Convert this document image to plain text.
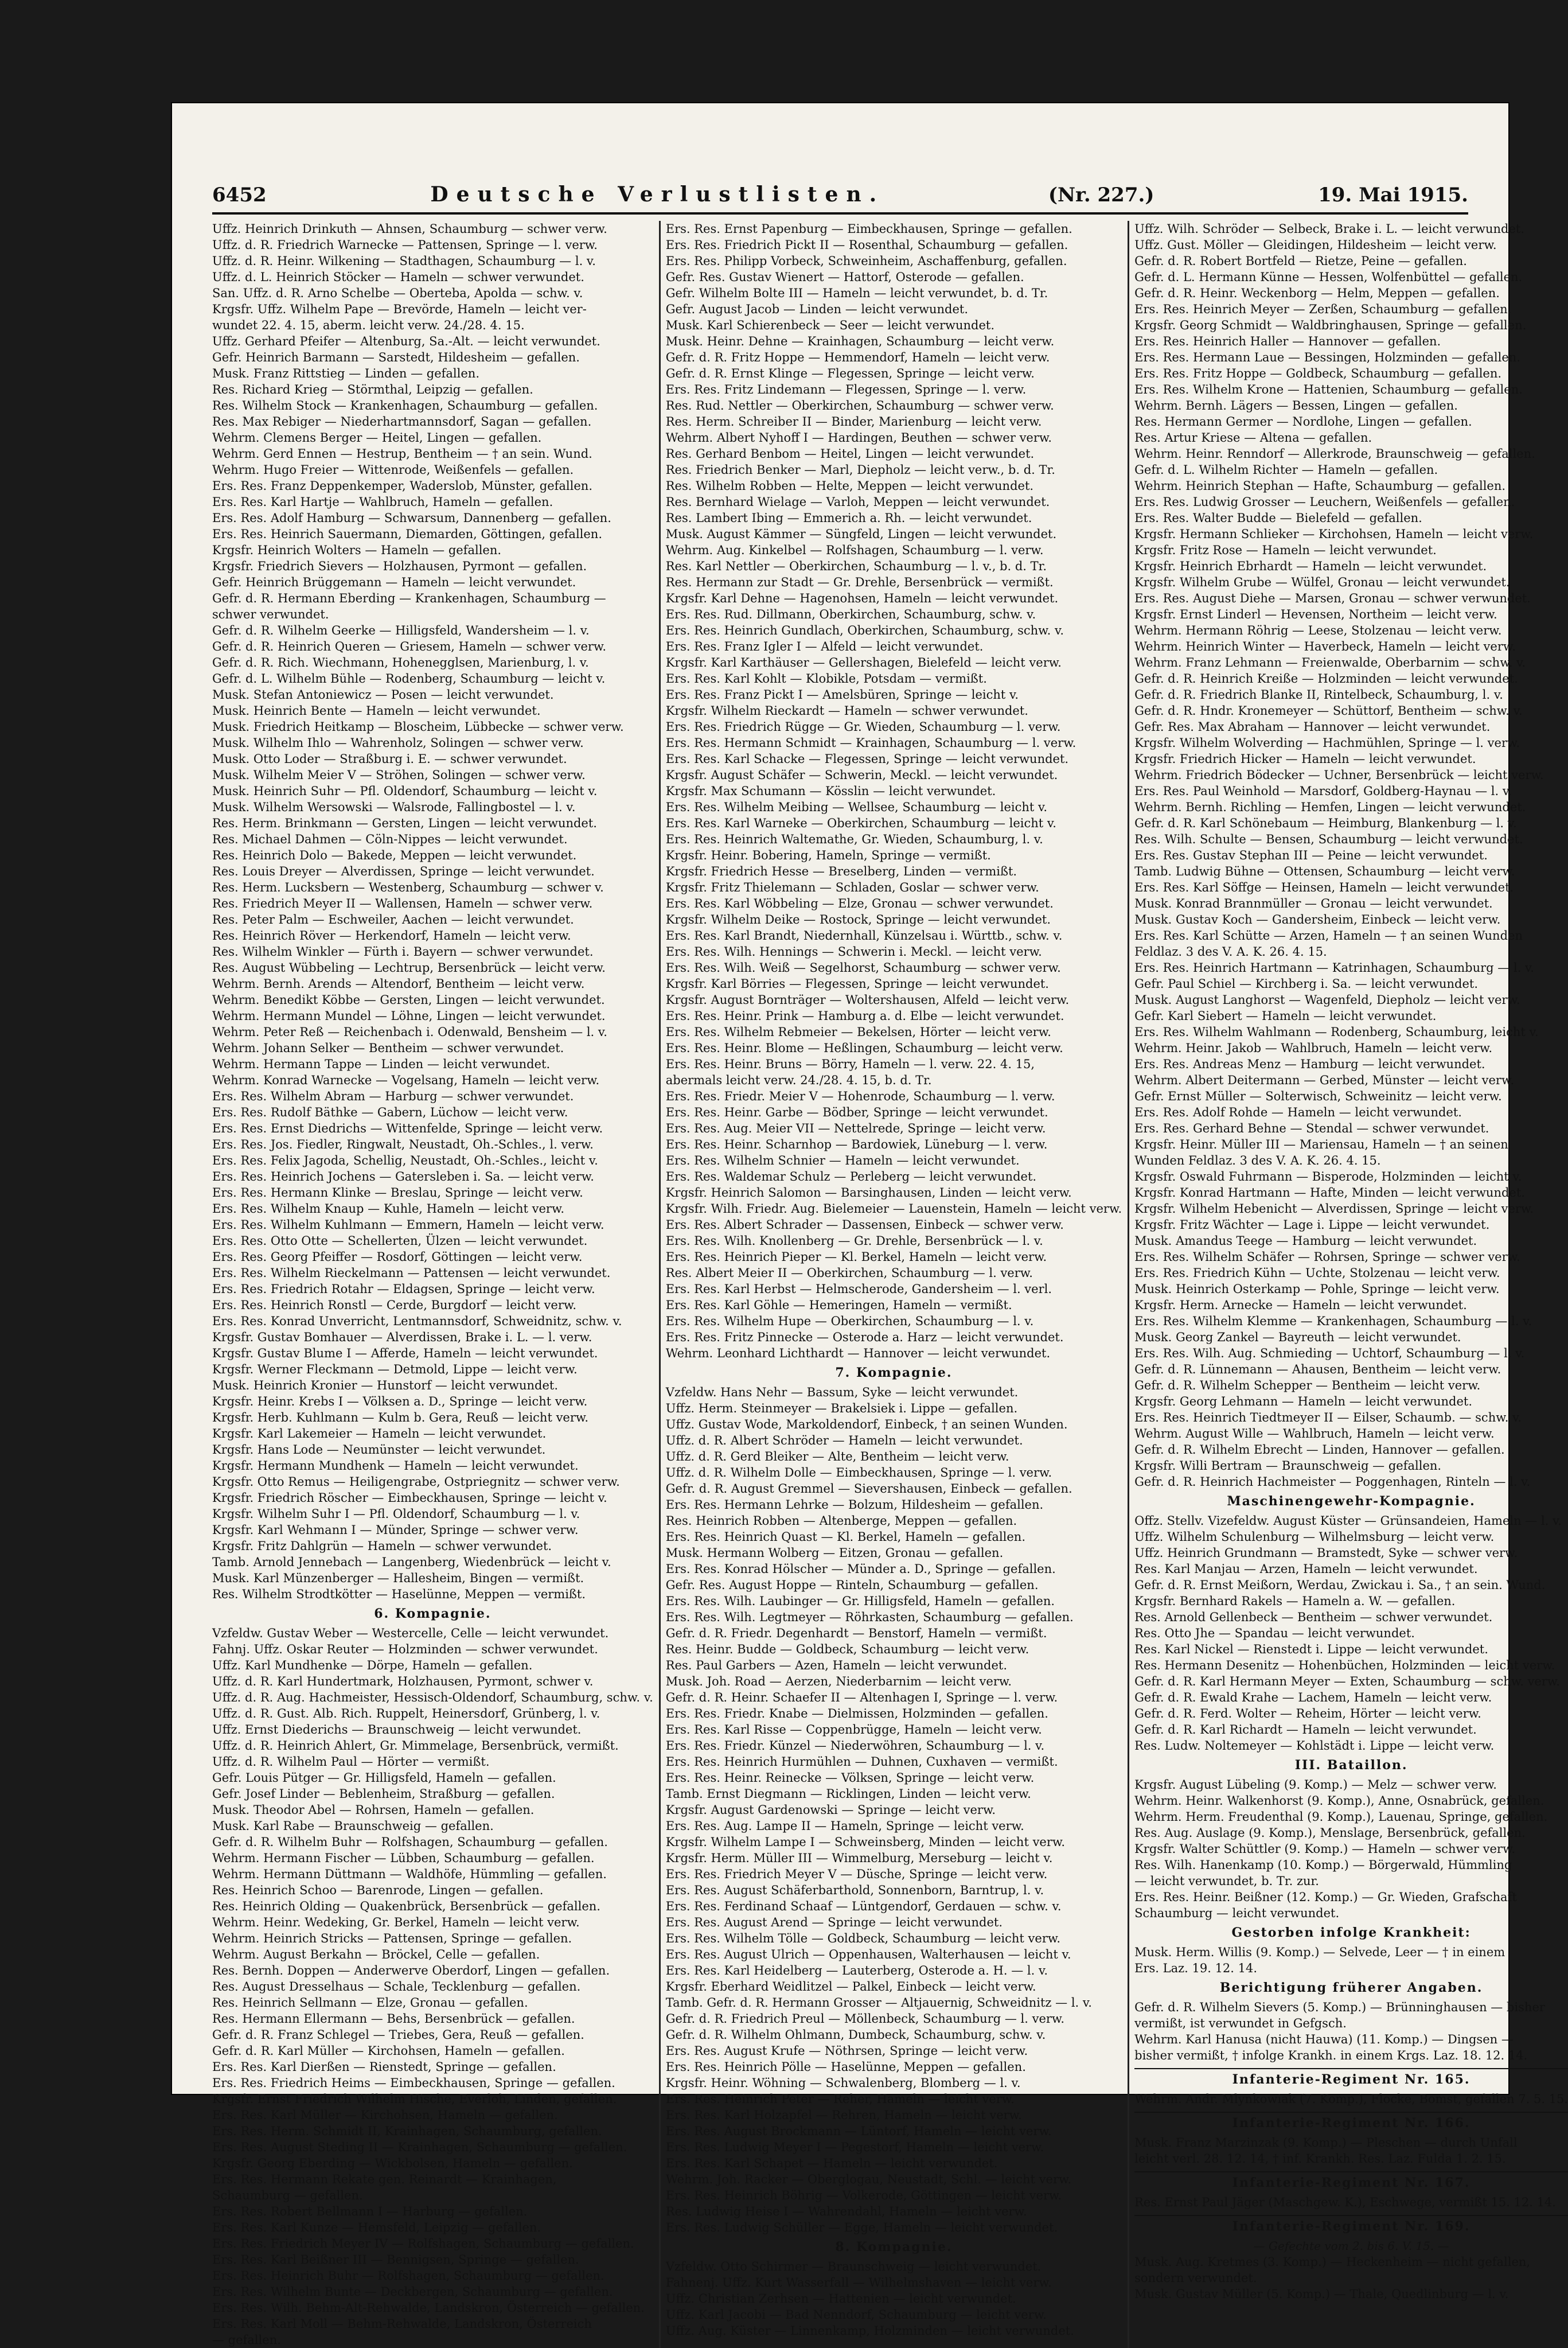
6452	Deutsche Verlustlisten.	(Nr. 227.)	19. Mai 1915.
Uffz. Heinrich Drinkuth — Ahnsen, Schaumburg — schwer verw.
Uffz. d. R. Friedrich Warnecke — Pattensen, Springe — l. verw.
Uffz. d. R. Heinr. Wilkening — Stadthagen, Schaumburg — l. v.
Uffz. d. L. Heinrich Stöcker — Hameln — schwer verwundet.
San. Uffz. d. R. Arno Schelbe — Oberteba, Apolda — schw. v.
Krgsfr. Uffz. Wilhelm Pape — Brevörde, Hameln — leicht ver-
wundet 22. 4. 15, aberm. leicht verw. 24./28. 4. 15.
Uffz. Gerhard Pfeifer — Altenburg, Sa.-Alt. — leicht verwundet.
Gefr. Heinrich Barmann — Sarstedt, Hildesheim — gefallen.
Musk. Franz Rittstieg — Linden — gefallen.
Res. Richard Krieg — Störmthal, Leipzig — gefallen.
Res. Wilhelm Stock — Krankenhagen, Schaumburg — gefallen.
Res. Max Rebiger — Niederhartmannsdorf, Sagan — gefallen.
Wehrm. Clemens Berger — Heitel, Lingen — gefallen.
Wehrm. Gerd Ennen — Hestrup, Bentheim — † an sein. Wund.
Wehrm. Hugo Freier — Wittenrode, Weißenfels — gefallen.
Ers. Res. Franz Deppenkemper, Waderslob, Münster, gefallen.
Ers. Res. Karl Hartje — Wahlbruch, Hameln — gefallen.
Ers. Res. Adolf Hamburg — Schwarsum, Dannenberg — gefallen.
Ers. Res. Heinrich Sauermann, Diemarden, Göttingen, gefallen.
Krgsfr. Heinrich Wolters — Hameln — gefallen.
Krgsfr. Friedrich Sievers — Holzhausen, Pyrmont — gefallen.
Gefr. Heinrich Brüggemann — Hameln — leicht verwundet.
Gefr. d. R. Hermann Eberding — Krankenhagen, Schaumburg —
schwer verwundet.
Gefr. d. R. Wilhelm Geerke — Hilligsfeld, Wandersheim — l. v.
Gefr. d. R. Heinrich Queren — Griesem, Hameln — schwer verw.
Gefr. d. R. Rich. Wiechmann, Hohenegglsen, Marienburg, l. v.
Gefr. d. L. Wilhelm Bühle — Rodenberg, Schaumburg — leicht v.
Musk. Stefan Antoniewicz — Posen — leicht verwundet.
Musk. Heinrich Bente — Hameln — leicht verwundet.
Musk. Friedrich Heitkamp — Bloscheim, Lübbecke — schwer verw.
Musk. Wilhelm Ihlo — Wahrenholz, Solingen — schwer verw.
Musk. Otto Loder — Straßburg i. E. — schwer verwundet.
Musk. Wilhelm Meier V — Ströhen, Solingen — schwer verw.
Musk. Heinrich Suhr — Pfl. Oldendorf, Schaumburg — leicht v.
Musk. Wilhelm Wersowski — Walsrode, Fallingbostel — l. v.
Res. Herm. Brinkmann — Gersten, Lingen — leicht verwundet.
Res. Michael Dahmen — Cöln-Nippes — leicht verwundet.
Res. Heinrich Dolo — Bakede, Meppen — leicht verwundet.
Res. Louis Dreyer — Alverdissen, Springe — leicht verwundet.
Res. Herm. Lucksbern — Westenberg, Schaumburg — schwer v.
Res. Friedrich Meyer II — Wallensen, Hameln — schwer verw.
Res. Peter Palm — Eschweiler, Aachen — leicht verwundet.
Res. Heinrich Röver — Herkendorf, Hameln — leicht verw.
Res. Wilhelm Winkler — Fürth i. Bayern — schwer verwundet.
Res. August Wübbeling — Lechtrup, Bersenbrück — leicht verw.
Wehrm. Bernh. Arends — Altendorf, Bentheim — leicht verw.
Wehrm. Benedikt Köbbe — Gersten, Lingen — leicht verwundet.
Wehrm. Hermann Mundel — Löhne, Lingen — leicht verwundet.
Wehrm. Peter Reß — Reichenbach i. Odenwald, Bensheim — l. v.
Wehrm. Johann Selker — Bentheim — schwer verwundet.
Wehrm. Hermann Tappe — Linden — leicht verwundet.
Wehrm. Konrad Warnecke — Vogelsang, Hameln — leicht verw.
Ers. Res. Wilhelm Abram — Harburg — schwer verwundet.
Ers. Res. Rudolf Bäthke — Gabern, Lüchow — leicht verw.
Ers. Res. Ernst Diedrichs — Wittenfelde, Springe — leicht verw.
Ers. Res. Jos. Fiedler, Ringwalt, Neustadt, Oh.-Schles., l. verw.
Ers. Res. Felix Jagoda, Schellig, Neustadt, Oh.-Schles., leicht v.
Ers. Res. Heinrich Jochens — Gatersleben i. Sa. — leicht verw.
Ers. Res. Hermann Klinke — Breslau, Springe — leicht verw.
Ers. Res. Wilhelm Knaup — Kuhle, Hameln — leicht verw.
Ers. Res. Wilhelm Kuhlmann — Emmern, Hameln — leicht verw.
Ers. Res. Otto Otte — Schellerten, Ülzen — leicht verwundet.
Ers. Res. Georg Pfeiffer — Rosdorf, Göttingen — leicht verw.
Ers. Res. Wilhelm Rieckelmann — Pattensen — leicht verwundet.
Ers. Res. Friedrich Rotahr — Eldagsen, Springe — leicht verw.
Ers. Res. Heinrich Ronstl — Cerde, Burgdorf — leicht verw.
Ers. Res. Konrad Unverricht, Lentmannsdorf, Schweidnitz, schw. v.
Krgsfr. Gustav Bomhauer — Alverdissen, Brake i. L. — l. verw.
Krgsfr. Gustav Blume I — Afferde, Hameln — leicht verwundet.
Krgsfr. Werner Fleckmann — Detmold, Lippe — leicht verw.
Musk. Heinrich Kronier — Hunstorf — leicht verwundet.
Krgsfr. Heinr. Krebs I — Völksen a. D., Springe — leicht verw.
Krgsfr. Herb. Kuhlmann — Kulm b. Gera, Reuß — leicht verw.
Krgsfr. Karl Lakemeier — Hameln — leicht verwundet.
Krgsfr. Hans Lode — Neumünster — leicht verwundet.
Krgsfr. Hermann Mundhenk — Hameln — leicht verwundet.
Krgsfr. Otto Remus — Heiligengrabe, Ostpriegnitz — schwer verw.
Krgsfr. Friedrich Röscher — Eimbeckhausen, Springe — leicht v.
Krgsfr. Wilhelm Suhr I — Pfl. Oldendorf, Schaumburg — l. v.
Krgsfr. Karl Wehmann I — Münder, Springe — schwer verw.
Krgsfr. Fritz Dahlgrün — Hameln — schwer verwundet.
Tamb. Arnold Jennebach — Langenberg, Wiedenbrück — leicht v.
Musk. Karl Münzenberger — Hallesheim, Bingen — vermißt.
Res. Wilhelm Strodtkötter — Haselünne, Meppen — vermißt.
6. Kompagnie.
Vzfeldw. Gustav Weber — Westercelle, Celle — leicht verwundet.
Fahnj. Uffz. Oskar Reuter — Holzminden — schwer verwundet.
Uffz. Karl Mundhenke — Dörpe, Hameln — gefallen.
Uffz. d. R. Karl Hundertmark, Holzhausen, Pyrmont, schwer v.
Uffz. d. R. Aug. Hachmeister, Hessisch-Oldendorf, Schaumburg, schw. v.
Uffz. d. R. Gust. Alb. Rich. Ruppelt, Heinersdorf, Grünberg, l. v.
Uffz. Ernst Diederichs — Braunschweig — leicht verwundet.
Uffz. d. R. Heinrich Ahlert, Gr. Mimmelage, Bersenbrück, vermißt.
Uffz. d. R. Wilhelm Paul — Hörter — vermißt.
Gefr. Louis Pütger — Gr. Hilligsfeld, Hameln — gefallen.
Gefr. Josef Linder — Beblenheim, Straßburg — gefallen.
Musk. Theodor Abel — Rohrsen, Hameln — gefallen.
Musk. Karl Rabe — Braunschweig — gefallen.
Gefr. d. R. Wilhelm Buhr — Rolfshagen, Schaumburg — gefallen.
Wehrm. Hermann Fischer — Lübben, Schaumburg — gefallen.
Wehrm. Hermann Düttmann — Waldhöfe, Hümmling — gefallen.
Res. Heinrich Schoo — Barenrode, Lingen — gefallen.
Res. Heinrich Olding — Quakenbrück, Bersenbrück — gefallen.
Wehrm. Heinr. Wedeking, Gr. Berkel, Hameln — leicht verw.
Wehrm. Heinrich Stricks — Pattensen, Springe — gefallen.
Wehrm. August Berkahn — Bröckel, Celle — gefallen.
Res. Bernh. Doppen — Anderwerve Oberdorf, Lingen — gefallen.
Res. August Dresselhaus — Schale, Tecklenburg — gefallen.
Res. Heinrich Sellmann — Elze, Gronau — gefallen.
Res. Hermann Ellermann — Behs, Bersenbrück — gefallen.
Gefr. d. R. Franz Schlegel — Triebes, Gera, Reuß — gefallen.
Gefr. d. R. Karl Müller — Kirchohsen, Hameln — gefallen.
Ers. Res. Karl Dierßen — Rienstedt, Springe — gefallen.
Ers. Res. Friedrich Heims — Eimbeckhausen, Springe — gefallen.
Krgsfr. Ernst Friedrich Wilhelm Hische, Everloh, Linden, gefallen.
Ers. Res. Karl Müller — Kirchohsen, Hameln — gefallen.
Ers. Res. Herm. Schmidt II, Krainhagen, Schaumburg, gefallen.
Ers. Res. August Steding II — Krainhagen, Schaumburg — gefallen.
Krgsfr. Georg Eberding — Wickbolsen, Hameln — gefallen.
Ers. Res. Hermann Rekate gen. Reinardt — Krainhagen,
Schaumburg — gefallen.
Ers. Res. Robert Bellmann I — Harburg — gefallen.
Ers. Res. Karl Kunze — Hemsfeld, Leipzig — gefallen.
Ers. Res. Friedrich Meyer IV — Rolfshagen, Schaumburg — gefallen.
Ers. Res. Karl Beißner III — Bennigsen, Springe — gefallen.
Ers. Res. Heinrich Buhr — Rolfshagen, Schaumburg — gefallen.
Ers. Res. Wilhelm Bunte — Deckbergen, Schaumburg — gefallen.
Ers. Res. Wilh. Behm-Alt-Rehwalde, Landskron, Österreich — gefallen.
Ers. Res. Karl Moll — Behm-Rehwalde, Landskron, Österreich
— gefallen.
Ers. Res. Ernst Papenburg — Eimbeckhausen, Springe — gefallen.
Ers. Res. Friedrich Pickt II — Rosenthal, Schaumburg — gefallen.
Ers. Res. Philipp Vorbeck, Schweinheim, Aschaffenburg, gefallen.
Gefr. Res. Gustav Wienert — Hattorf, Osterode — gefallen.
Gefr. Wilhelm Bolte III — Hameln — leicht verwundet, b. d. Tr.
Gefr. August Jacob — Linden — leicht verwundet.
Musk. Karl Schierenbeck — Seer — leicht verwundet.
Musk. Heinr. Dehne — Krainhagen, Schaumburg — leicht verw.
Gefr. d. R. Fritz Hoppe — Hemmendorf, Hameln — leicht verw.
Gefr. d. R. Ernst Klinge — Flegessen, Springe — leicht verw.
Ers. Res. Fritz Lindemann — Flegessen, Springe — l. verw.
Res. Rud. Nettler — Oberkirchen, Schaumburg — schwer verw.
Res. Herm. Schreiber II — Binder, Marienburg — leicht verw.
Wehrm. Albert Nyhoff I — Hardingen, Beuthen — schwer verw.
Res. Gerhard Benbom — Heitel, Lingen — leicht verwundet.
Res. Friedrich Benker — Marl, Diepholz — leicht verw., b. d. Tr.
Res. Wilhelm Robben — Helte, Meppen — leicht verwundet.
Res. Bernhard Wielage — Varloh, Meppen — leicht verwundet.
Res. Lambert Ibing — Emmerich a. Rh. — leicht verwundet.
Musk. August Kämmer — Süngfeld, Lingen — leicht verwundet.
Wehrm. Aug. Kinkelbel — Rolfshagen, Schaumburg — l. verw.
Res. Karl Nettler — Oberkirchen, Schaumburg — l. v., b. d. Tr.
Res. Hermann zur Stadt — Gr. Drehle, Bersenbrück — vermißt.
Krgsfr. Karl Dehne — Hagenohsen, Hameln — leicht verwundet.
Ers. Res. Rud. Dillmann, Oberkirchen, Schaumburg, schw. v.
Ers. Res. Heinrich Gundlach, Oberkirchen, Schaumburg, schw. v.
Ers. Res. Franz Igler I — Alfeld — leicht verwundet.
Krgsfr. Karl Karthäuser — Gellershagen, Bielefeld — leicht verw.
Ers. Res. Karl Kohlt — Klobikle, Potsdam — vermißt.
Ers. Res. Franz Pickt I — Amelsbüren, Springe — leicht v.
Krgsfr. Wilhelm Rieckardt — Hameln — schwer verwundet.
Ers. Res. Friedrich Rügge — Gr. Wieden, Schaumburg — l. verw.
Ers. Res. Hermann Schmidt — Krainhagen, Schaumburg — l. verw.
Ers. Res. Karl Schacke — Flegessen, Springe — leicht verwundet.
Krgsfr. August Schäfer — Schwerin, Meckl. — leicht verwundet.
Krgsfr. Max Schumann — Kösslin — leicht verwundet.
Ers. Res. Wilhelm Meibing — Wellsee, Schaumburg — leicht v.
Ers. Res. Karl Warneke — Oberkirchen, Schaumburg — leicht v.
Ers. Res. Heinrich Waltemathe, Gr. Wieden, Schaumburg, l. v.
Krgsfr. Heinr. Bobering, Hameln, Springe — vermißt.
Krgsfr. Friedrich Hesse — Breselberg, Linden — vermißt.
Krgsfr. Fritz Thielemann — Schladen, Goslar — schwer verw.
Ers. Res. Karl Wöbbeling — Elze, Gronau — schwer verwundet.
Krgsfr. Wilhelm Deike — Rostock, Springe — leicht verwundet.
Ers. Res. Karl Brandt, Niedernhall, Künzelsau i. Württb., schw. v.
Ers. Res. Wilh. Hennings — Schwerin i. Meckl. — leicht verw.
Ers. Res. Wilh. Weiß — Segelhorst, Schaumburg — schwer verw.
Krgsfr. Karl Börries — Flegessen, Springe — leicht verwundet.
Krgsfr. August Bornträger — Woltershausen, Alfeld — leicht verw.
Ers. Res. Heinr. Prink — Hamburg a. d. Elbe — leicht verwundet.
Ers. Res. Wilhelm Rebmeier — Bekelsen, Hörter — leicht verw.
Ers. Res. Heinr. Blome — Heßlingen, Schaumburg — leicht verw.
Ers. Res. Heinr. Bruns — Börry, Hameln — l. verw. 22. 4. 15,
abermals leicht verw. 24./28. 4. 15, b. d. Tr.
Ers. Res. Friedr. Meier V — Hohenrode, Schaumburg — l. verw.
Ers. Res. Heinr. Garbe — Bödber, Springe — leicht verwundet.
Ers. Res. Aug. Meier VII — Nettelrede, Springe — leicht verw.
Ers. Res. Heinr. Scharnhop — Bardowiek, Lüneburg — l. verw.
Ers. Res. Wilhelm Schnier — Hameln — leicht verwundet.
Ers. Res. Waldemar Schulz — Perleberg — leicht verwundet.
Krgsfr. Heinrich Salomon — Barsinghausen, Linden — leicht verw.
Krgsfr. Wilh. Friedr. Aug. Bielemeier — Lauenstein, Hameln — leicht verw.
Ers. Res. Albert Schrader — Dassensen, Einbeck — schwer verw.
Ers. Res. Wilh. Knollenberg — Gr. Drehle, Bersenbrück — l. v.
Ers. Res. Heinrich Pieper — Kl. Berkel, Hameln — leicht verw.
Res. Albert Meier II — Oberkirchen, Schaumburg — l. verw.
Ers. Res. Karl Herbst — Helmscherode, Gandersheim — l. verl.
Ers. Res. Karl Göhle — Hemeringen, Hameln — vermißt.
Ers. Res. Wilhelm Hupe — Oberkirchen, Schaumburg — l. v.
Ers. Res. Fritz Pinnecke — Osterode a. Harz — leicht verwundet.
Wehrm. Leonhard Lichthardt — Hannover — leicht verwundet.
7. Kompagnie.
Vzfeldw. Hans Nehr — Bassum, Syke — leicht verwundet.
Uffz. Herm. Steinmeyer — Brakelsiek i. Lippe — gefallen.
Uffz. Gustav Wode, Markoldendorf, Einbeck, † an seinen Wunden.
Uffz. d. R. Albert Schröder — Hameln — leicht verwundet.
Uffz. d. R. Gerd Bleiker — Alte, Bentheim — leicht verw.
Uffz. d. R. Wilhelm Dolle — Eimbeckhausen, Springe — l. verw.
Gefr. d. R. August Gremmel — Sievershausen, Einbeck — gefallen.
Ers. Res. Hermann Lehrke — Bolzum, Hildesheim — gefallen.
Res. Heinrich Robben — Altenberge, Meppen — gefallen.
Ers. Res. Heinrich Quast — Kl. Berkel, Hameln — gefallen.
Musk. Hermann Wolberg — Eitzen, Gronau — gefallen.
Ers. Res. Konrad Hölscher — Münder a. D., Springe — gefallen.
Gefr. Res. August Hoppe — Rinteln, Schaumburg — gefallen.
Ers. Res. Wilh. Laubinger — Gr. Hilligsfeld, Hameln — gefallen.
Ers. Res. Wilh. Legtmeyer — Röhrkasten, Schaumburg — gefallen.
Gefr. d. R. Friedr. Degenhardt — Benstorf, Hameln — vermißt.
Res. Heinr. Budde — Goldbeck, Schaumburg — leicht verw.
Res. Paul Garbers — Azen, Hameln — leicht verwundet.
Musk. Joh. Road — Aerzen, Niederbarnim — leicht verw.
Gefr. d. R. Heinr. Schaefer II — Altenhagen I, Springe — l. verw.
Ers. Res. Friedr. Knabe — Dielmissen, Holzminden — gefallen.
Ers. Res. Karl Risse — Coppenbrügge, Hameln — leicht verw.
Ers. Res. Friedr. Künzel — Niederwöhren, Schaumburg — l. v.
Ers. Res. Heinrich Hurmühlen — Duhnen, Cuxhaven — vermißt.
Ers. Res. Heinr. Reinecke — Völksen, Springe — leicht verw.
Tamb. Ernst Diegmann — Ricklingen, Linden — leicht verw.
Krgsfr. August Gardenowski — Springe — leicht verw.
Ers. Res. Aug. Lampe II — Hameln, Springe — leicht verw.
Krgsfr. Wilhelm Lampe I — Schweinsberg, Minden — leicht verw.
Krgsfr. Herm. Müller III — Wimmelburg, Merseburg — leicht v.
Ers. Res. Friedrich Meyer V — Düsche, Springe — leicht verw.
Ers. Res. August Schäferbarthold, Sonnenborn, Barntrup, l. v.
Ers. Res. Ferdinand Schaaf — Lüntgendorf, Gerdauen — schw. v.
Ers. Res. August Arend — Springe — leicht verwundet.
Ers. Res. Wilhelm Tölle — Goldbeck, Schaumburg — leicht verw.
Ers. Res. August Ulrich — Oppenhausen, Walterhausen — leicht v.
Ers. Res. Karl Heidelberg — Lauterberg, Osterode a. H. — l. v.
Krgsfr. Eberhard Weidlitzel — Palkel, Einbeck — leicht verw.
Tamb. Gefr. d. R. Hermann Grosser — Altjauernig, Schweidnitz — l. v.
Gefr. d. R. Friedrich Preul — Möllenbeck, Schaumburg — l. verw.
Gefr. d. R. Wilhelm Ohlmann, Dumbeck, Schaumburg, schw. v.
Ers. Res. August Krufe — Nöthrsen, Springe — leicht verw.
Ers. Res. Heinrich Pölle — Haselünne, Meppen — gefallen.
Krgsfr. Heinr. Wöhning — Schwalenberg, Blomberg — l. v.
Ers. Res. Heinrich Peter — Reher, Hameln — leicht verw.
Ers. Res. Karl Holzapfel — Rehren, Hameln — leicht verw.
Ers. Res. August Brockmann — Lüntorf, Hameln — leicht verw.
Ers. Res. Ludwig Meyer I — Pegestorf, Hameln — leicht verw.
Ers. Res. Karl Schapet — Hameln — leicht verwundet.
Wehrm. Joh. Racker — Oberglogau, Neustadt, Schl. — leicht verw.
Ers. Res. Heinrich Böhrig — Volkerode, Göttingen — leicht verw.
Res. Ludwig Heise I — Wahrendahl, Hameln — leicht verw.
Ers. Res. Ludwig Schüller — Egge, Hameln — leicht verwundet.
8. Kompagnie.
Vzfeldw. Otto Schirmer — Braunschweig — leicht verwundet.
Fahnenj. Uffz. Kurt Wasserfall — Wilhelmshaven — leicht verw.
Uffz. Christian Zerhsen — Hattenien — leicht verwundet.
Uffz. Karl Jacobi — Bad Nenndorf, Schaumburg — leicht verw.
Uffz. Aug. Küster — Linnenkamp, Holzminden — leicht verwundet.
Uffz. Wilh. Schröder — Selbeck, Brake i. L. — leicht verwundet.
Uffz. Gust. Möller — Gleidingen, Hildesheim — leicht verw.
Gefr. d. R. Robert Bortfeld — Rietze, Peine — gefallen.
Gefr. d. L. Hermann Künne — Hessen, Wolfenbüttel — gefallen.
Gefr. d. R. Heinr. Weckenborg — Helm, Meppen — gefallen.
Ers. Res. Heinrich Meyer — Zerßen, Schaumburg — gefallen.
Krgsfr. Georg Schmidt — Waldbringhausen, Springe — gefallen.
Ers. Res. Heinrich Haller — Hannover — gefallen.
Ers. Res. Hermann Laue — Bessingen, Holzminden — gefallen.
Ers. Res. Fritz Hoppe — Goldbeck, Schaumburg — gefallen.
Ers. Res. Wilhelm Krone — Hattenien, Schaumburg — gefallen.
Wehrm. Bernh. Lägers — Bessen, Lingen — gefallen.
Res. Hermann Germer — Nordlohe, Lingen — gefallen.
Res. Artur Kriese — Altena — gefallen.
Wehrm. Heinr. Renndorf — Allerkrode, Braunschweig — gefallen.
Gefr. d. L. Wilhelm Richter — Hameln — gefallen.
Wehrm. Heinrich Stephan — Hafte, Schaumburg — gefallen.
Ers. Res. Ludwig Grosser — Leuchern, Weißenfels — gefallen.
Ers. Res. Walter Budde — Bielefeld — gefallen.
Krgsfr. Hermann Schlieker — Kirchohsen, Hameln — leicht verw.
Krgsfr. Fritz Rose — Hameln — leicht verwundet.
Krgsfr. Heinrich Ebrhardt — Hameln — leicht verwundet.
Krgsfr. Wilhelm Grube — Wülfel, Gronau — leicht verwundet.
Ers. Res. August Diehe — Marsen, Gronau — schwer verwundet.
Krgsfr. Ernst Linderl — Hevensen, Northeim — leicht verw.
Wehrm. Hermann Röhrig — Leese, Stolzenau — leicht verw.
Wehrm. Heinrich Winter — Haverbeck, Hameln — leicht verw.
Wehrm. Franz Lehmann — Freienwalde, Oberbarnim — schw. v.
Gefr. d. R. Heinrich Kreiße — Holzminden — leicht verwundet.
Gefr. d. R. Friedrich Blanke II, Rintelbeck, Schaumburg, l. v.
Gefr. d. R. Hndr. Kronemeyer — Schüttorf, Bentheim — schw. v.
Gefr. Res. Max Abraham — Hannover — leicht verwundet.
Krgsfr. Wilhelm Wolverding — Hachmühlen, Springe — l. verw.
Krgsfr. Friedrich Hicker — Hameln — leicht verwundet.
Wehrm. Friedrich Bödecker — Uchner, Bersenbrück — leicht verw.
Ers. Res. Paul Weinhold — Marsdorf, Goldberg-Haynau — l. v.
Wehrm. Bernh. Richling — Hemfen, Lingen — leicht verwundet.
Gefr. d. R. Karl Schönebaum — Heimburg, Blankenburg — l. v.
Res. Wilh. Schulte — Bensen, Schaumburg — leicht verwundet.
Ers. Res. Gustav Stephan III — Peine — leicht verwundet.
Tamb. Ludwig Bühne — Ottensen, Schaumburg — leicht verw.
Ers. Res. Karl Söffge — Heinsen, Hameln — leicht verwundet.
Musk. Konrad Brannmüller — Gronau — leicht verwundet.
Musk. Gustav Koch — Gandersheim, Einbeck — leicht verw.
Ers. Res. Karl Schütte — Arzen, Hameln — † an seinen Wunden
Feldlaz. 3 des V. A. K. 26. 4. 15.
Ers. Res. Heinrich Hartmann — Katrinhagen, Schaumburg — l. v.
Gefr. Paul Schiel — Kirchberg i. Sa. — leicht verwundet.
Musk. August Langhorst — Wagenfeld, Diepholz — leicht verw.
Gefr. Karl Siebert — Hameln — leicht verwundet.
Ers. Res. Wilhelm Wahlmann — Rodenberg, Schaumburg, leicht v.
Wehrm. Heinr. Jakob — Wahlbruch, Hameln — leicht verw.
Ers. Res. Andreas Menz — Hamburg — leicht verwundet.
Wehrm. Albert Deitermann — Gerbed, Münster — leicht verw.
Gefr. Ernst Müller — Solterwisch, Schweinitz — leicht verw.
Ers. Res. Adolf Rohde — Hameln — leicht verwundet.
Ers. Res. Gerhard Behne — Stendal — schwer verwundet.
Krgsfr. Heinr. Müller III — Mariensau, Hameln — † an seinen
Wunden Feldlaz. 3 des V. A. K. 26. 4. 15.
Krgsfr. Oswald Fuhrmann — Bisperode, Holzminden — leicht v.
Krgsfr. Konrad Hartmann — Hafte, Minden — leicht verwundet.
Krgsfr. Wilhelm Hebenicht — Alverdissen, Springe — leicht verw.
Krgsfr. Fritz Wächter — Lage i. Lippe — leicht verwundet.
Musk. Amandus Teege — Hamburg — leicht verwundet.
Ers. Res. Wilhelm Schäfer — Rohrsen, Springe — schwer verw.
Ers. Res. Friedrich Kühn — Uchte, Stolzenau — leicht verw.
Musk. Heinrich Osterkamp — Pohle, Springe — leicht verw.
Krgsfr. Herm. Arnecke — Hameln — leicht verwundet.
Ers. Res. Wilhelm Klemme — Krankenhagen, Schaumburg — l. v.
Musk. Georg Zankel — Bayreuth — leicht verwundet.
Ers. Res. Wilh. Aug. Schmieding — Uchtorf, Schaumburg — l. v.
Gefr. d. R. Lünnemann — Ahausen, Bentheim — leicht verw.
Gefr. d. R. Wilhelm Schepper — Bentheim — leicht verw.
Krgsfr. Georg Lehmann — Hameln — leicht verwundet.
Ers. Res. Heinrich Tiedtmeyer II — Eilser, Schaumb. — schw. v.
Wehrm. August Wille — Wahlbruch, Hameln — leicht verw.
Gefr. d. R. Wilhelm Ebrecht — Linden, Hannover — gefallen.
Krgsfr. Willi Bertram — Braunschweig — gefallen.
Gefr. d. R. Heinrich Hachmeister — Poggenhagen, Rinteln — l. v.
Maschinengewehr-Kompagnie.
Offz. Stellv. Vizefeldw. August Küster — Grünsandeien, Hameln — l. v.
Uffz. Wilhelm Schulenburg — Wilhelmsburg — leicht verw.
Uffz. Heinrich Grundmann — Bramstedt, Syke — schwer verw.
Res. Karl Manjau — Arzen, Hameln — leicht verwundet.
Gefr. d. R. Ernst Meißorn, Werdau, Zwickau i. Sa., † an sein. Wund.
Krgsfr. Bernhard Rakels — Hameln a. W. — gefallen.
Res. Arnold Gellenbeck — Bentheim — schwer verwundet.
Res. Otto Jhe — Spandau — leicht verwundet.
Res. Karl Nickel — Rienstedt i. Lippe — leicht verwundet.
Res. Hermann Desenitz — Hohenbüchen, Holzminden — leicht verw.
Gefr. d. R. Karl Hermann Meyer — Exten, Schaumburg — schw. verw.
Gefr. d. R. Ewald Krahe — Lachem, Hameln — leicht verw.
Gefr. d. R. Ferd. Wolter — Reheim, Hörter — leicht verw.
Gefr. d. R. Karl Richardt — Hameln — leicht verwundet.
Res. Ludw. Noltemeyer — Kohlstädt i. Lippe — leicht verw.
III. Bataillon.
Krgsfr. August Lübeling (9. Komp.) — Melz — schwer verw.
Wehrm. Heinr. Walkenhorst (9. Komp.), Anne, Osnabrück, gefallen.
Wehrm. Herm. Freudenthal (9. Komp.), Lauenau, Springe, gefallen.
Res. Aug. Auslage (9. Komp.), Menslage, Bersenbrück, gefallen.
Krgsfr. Walter Schüttler (9. Komp.) — Hameln — schwer verw.
Res. Wilh. Hanenkamp (10. Komp.) — Börgerwald, Hümmling
— leicht verwundet, b. Tr. zur.
Ers. Res. Heinr. Beißner (12. Komp.) — Gr. Wieden, Grafschaft
Schaumburg — leicht verwundet.
Gestorben infolge Krankheit:
Musk. Herm. Willis (9. Komp.) — Selvede, Leer — † in einem
Ers. Laz. 19. 12. 14.
Berichtigung früherer Angaben.
Gefr. d. R. Wilhelm Sievers (5. Komp.) — Brünninghausen — bisher
vermißt, ist verwundet in Gefgsch.
Wehrm. Karl Hanusa (nicht Hauwa) (11. Komp.) — Dingsen —
bisher vermißt, † infolge Krankh. in einem Krgs. Laz. 18. 12. 14.
Infanterie-Regiment Nr. 165.
Wehrm. Andr. Mlynkowiak (7. Komp.), Flocke, Bomst, gefallen 7. 5. 15.
Infanterie-Regiment Nr. 166.
Musk. Franz Marzinzak (9. Komp.) — Pleschen — durch Unfall
leicht verl. 28. 12. 14, † inf. Krankh. Res. Laz. Fulda 1. 2. 15.
Infanterie-Regiment Nr. 167.
Res. Ernst Paul Jäger (Maschgew. K.), Eschwege, vermißt 15. 12. 14.
Infanterie-Regiment Nr. 169.
— Gefechte vom 2. bis 6. V. 15. —
Musk. Aug. Kretmes (3. Komp.) — Heckenheim — nicht gefallen,
sondern verwundet.
Musk. Gustav Müller (5. Komp.) — Thale, Quedlinburg — l. v.
